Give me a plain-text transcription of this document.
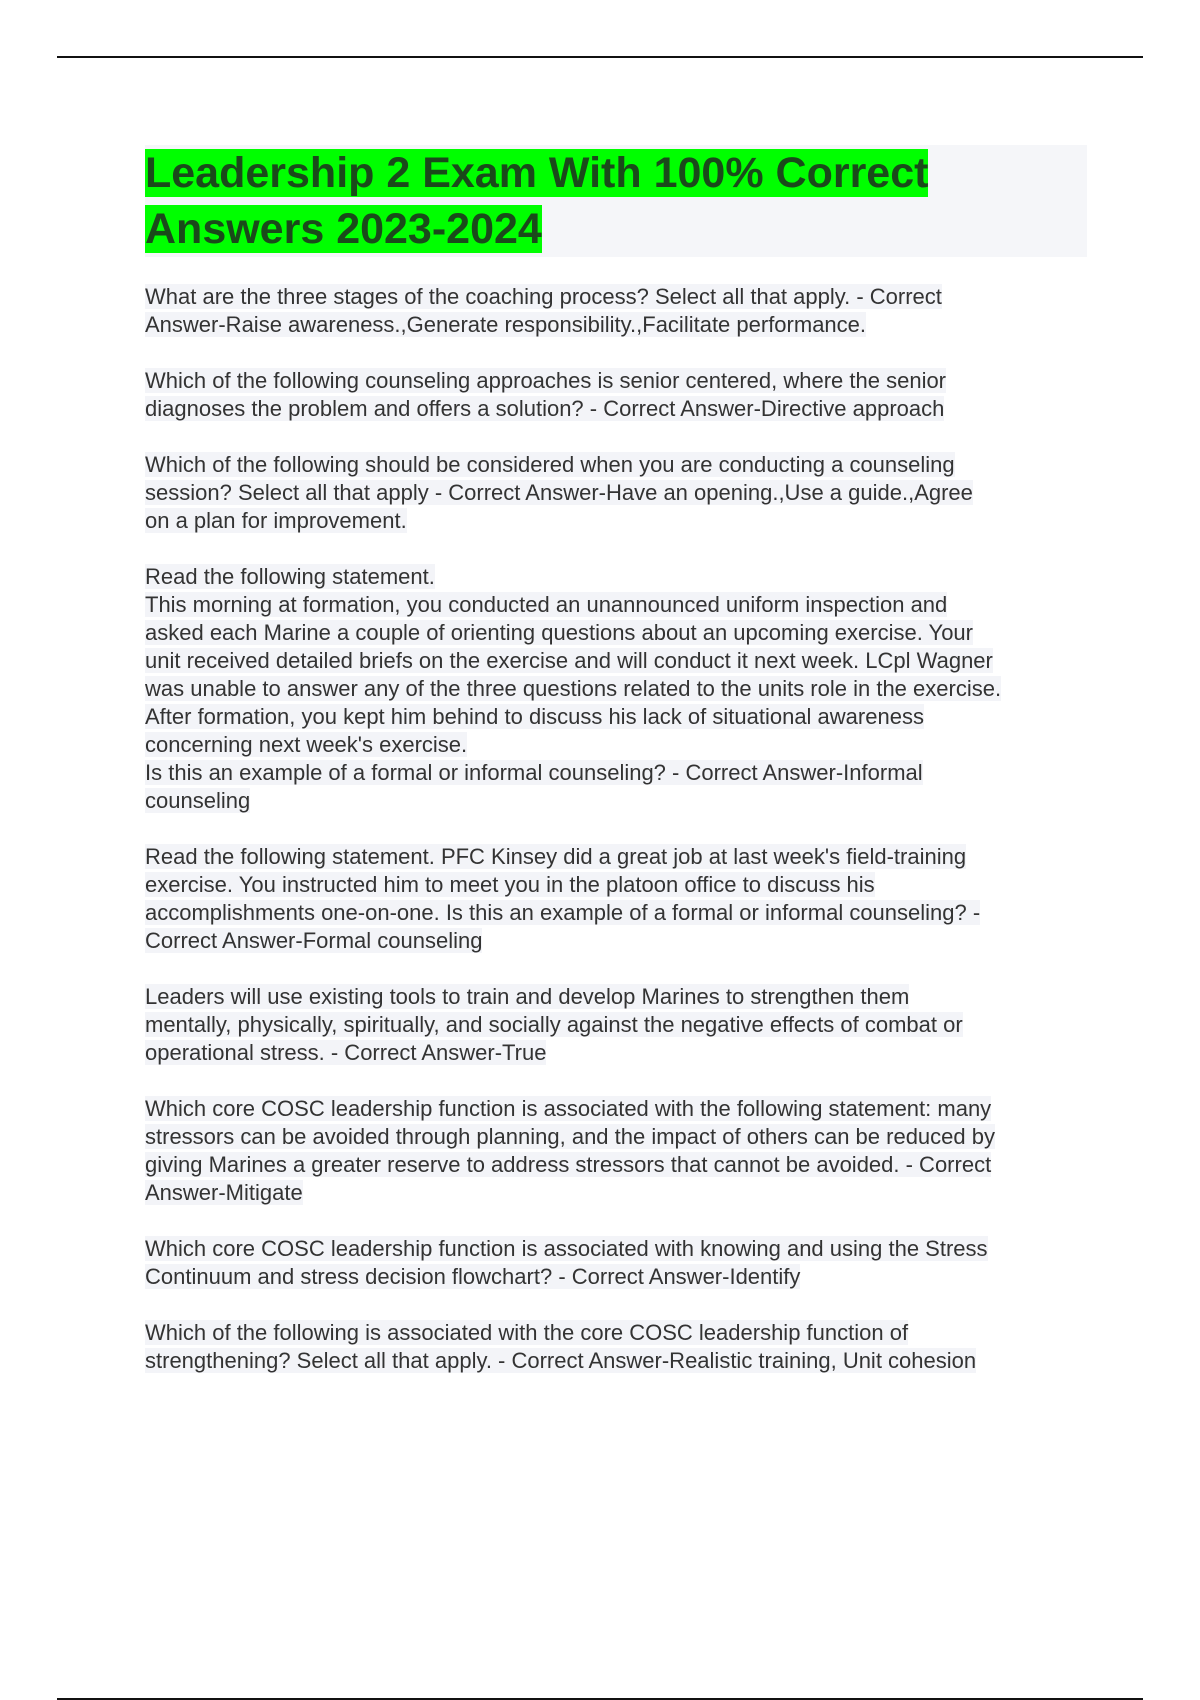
Leadership 2 Exam With 100% Correct
Answers 2023-2024

What are the three stages of the coaching process? Select all that apply. - Correct
Answer-Raise awareness.,Generate responsibility.,Facilitate performance.

Which of the following counseling approaches is senior centered, where the senior
diagnoses the problem and offers a solution? - Correct Answer-Directive approach

Which of the following should be considered when you are conducting a counseling
session? Select all that apply - Correct Answer-Have an opening.,Use a guide.,Agree
on a plan for improvement.

Read the following statement.
This morning at formation, you conducted an unannounced uniform inspection and
asked each Marine a couple of orienting questions about an upcoming exercise. Your
unit received detailed briefs on the exercise and will conduct it next week. LCpl Wagner
was unable to answer any of the three questions related to the units role in the exercise.
After formation, you kept him behind to discuss his lack of situational awareness
concerning next week's exercise.
Is this an example of a formal or informal counseling? - Correct Answer-Informal
counseling

Read the following statement. PFC Kinsey did a great job at last week's field-training
exercise. You instructed him to meet you in the platoon office to discuss his
accomplishments one-on-one. Is this an example of a formal or informal counseling? -
Correct Answer-Formal counseling

Leaders will use existing tools to train and develop Marines to strengthen them
mentally, physically, spiritually, and socially against the negative effects of combat or
operational stress. - Correct Answer-True

Which core COSC leadership function is associated with the following statement: many
stressors can be avoided through planning, and the impact of others can be reduced by
giving Marines a greater reserve to address stressors that cannot be avoided. - Correct
Answer-Mitigate

Which core COSC leadership function is associated with knowing and using the Stress
Continuum and stress decision flowchart? - Correct Answer-Identify

Which of the following is associated with the core COSC leadership function of
strengthening? Select all that apply. - Correct Answer-Realistic training, Unit cohesion
